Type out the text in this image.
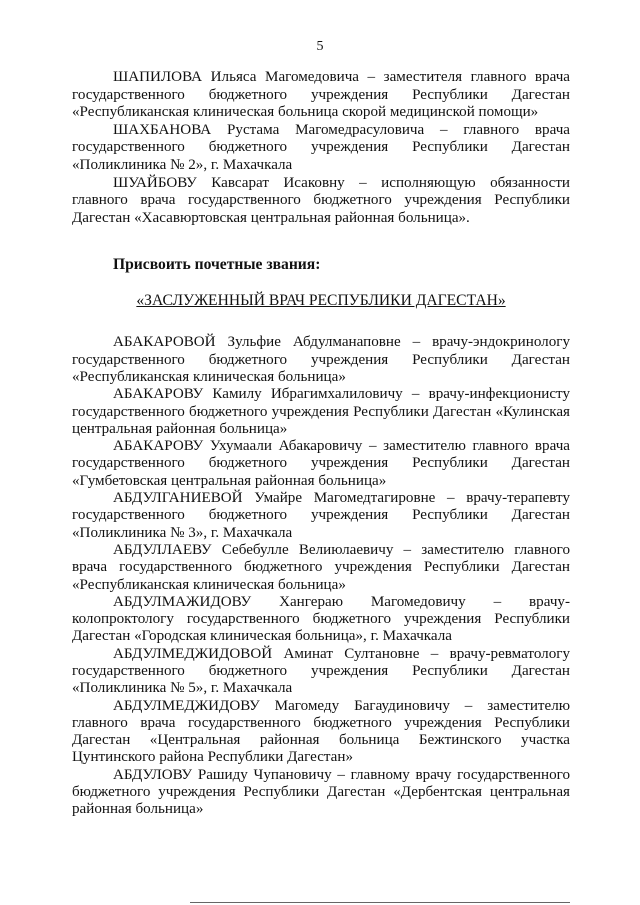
5

ШАПИЛОВА Ильяса Магомедовича – заместителя главного врача государственного бюджетного учреждения Республики Дагестан «Республиканская клиническая больница скорой медицинской помощи»

ШАХБАНОВА Рустама Магомедрасуловича – главного врача государственного бюджетного учреждения Республики Дагестан «Поликлиника № 2», г. Махачкала

ШУАЙБОВУ Кавсарат Исаковну – исполняющую обязанности главного врача государственного бюджетного учреждения Республики Дагестан «Хасавюртовская центральная районная больница».

Присвоить почетные звания:

«ЗАСЛУЖЕННЫЙ ВРАЧ РЕСПУБЛИКИ ДАГЕСТАН»

АБАКАРОВОЙ Зульфие Абдулманаповне – врачу-эндокринологу государственного бюджетного учреждения Республики Дагестан «Республиканская клиническая больница»

АБАКАРОВУ Камилу Ибрагимхалиловичу – врачу-инфекционисту государственного бюджетного учреждения Республики Дагестан «Кулинская центральная районная больница»

АБАКАРОВУ Ухумаали Абакаровичу – заместителю главного врача государственного бюджетного учреждения Республики Дагестан «Гумбетовская центральная районная больница»

АБДУЛГАНИЕВОЙ Умайре Магомедтагировне – врачу-терапевту государственного бюджетного учреждения Республики Дагестан «Поликлиника № 3», г. Махачкала

АБДУЛЛАЕВУ Себебулле Велиюлаевичу – заместителю главного врача государственного бюджетного учреждения Республики Дагестан «Республиканская клиническая больница»

АБДУЛМАЖИДОВУ Хангераю Магомедовичу – врачу-колопроктологу государственного бюджетного учреждения Республики Дагестан «Городская клиническая больница», г. Махачкала

АБДУЛМЕДЖИДОВОЙ Аминат Султановне – врачу-ревматологу государственного бюджетного учреждения Республики Дагестан «Поликлиника № 5», г. Махачкала

АБДУЛМЕДЖИДОВУ Магомеду Багаудиновичу – заместителю главного врача государственного бюджетного учреждения Республики Дагестан «Центральная районная больница Бежтинского участка Цунтинского района Республики Дагестан»

АБДУЛОВУ Рашиду Чупановичу – главному врачу государственного бюджетного учреждения Республики Дагестан «Дербентская центральная районная больница»
